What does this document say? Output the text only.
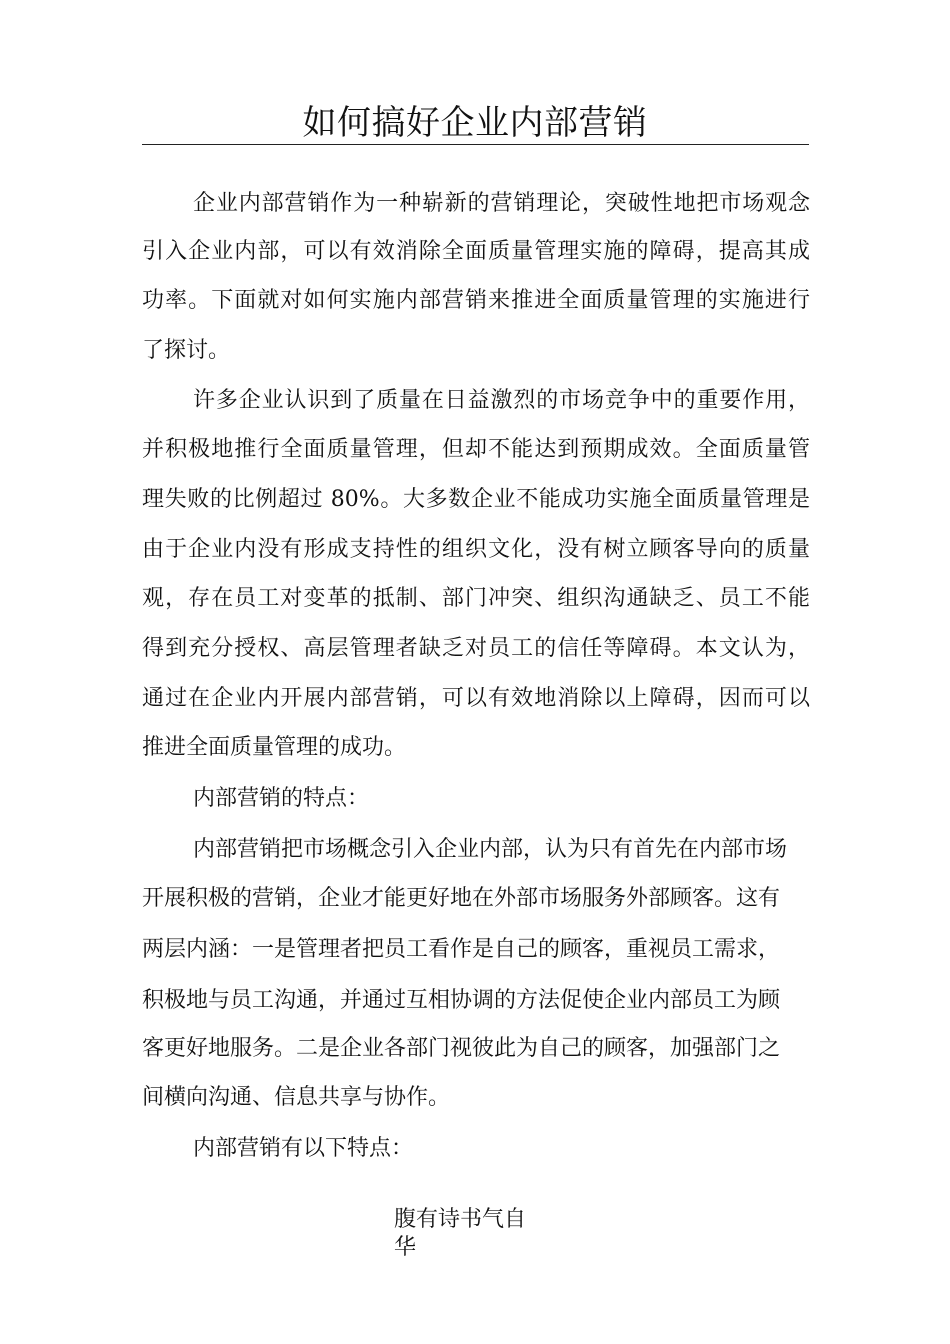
如何搞好企业内部营销
企业内部营销作为一种崭新的营销理论，突破性地把市场观念
引入企业内部，可以有效消除全面质量管理实施的障碍，提高其成
功率。下面就对如何实施内部营销来推进全面质量管理的实施进行
了探讨。
许多企业认识到了质量在日益激烈的市场竞争中的重要作用，
并积极地推行全面质量管理，但却不能达到预期成效。全面质量管
理失败的比例超过 80%。大多数企业不能成功实施全面质量管理是
由于企业内没有形成支持性的组织文化，没有树立顾客导向的质量
观，存在员工对变革的抵制、部门冲突、组织沟通缺乏、员工不能
得到充分授权、高层管理者缺乏对员工的信任等障碍。本文认为，
通过在企业内开展内部营销，可以有效地消除以上障碍，因而可以
推进全面质量管理的成功。
内部营销的特点：
内部营销把市场概念引入企业内部，认为只有首先在内部市场
开展积极的营销，企业才能更好地在外部市场服务外部顾客。这有
两层内涵：一是管理者把员工看作是自己的顾客，重视员工需求，
积极地与员工沟通，并通过互相协调的方法促使企业内部员工为顾
客更好地服务。二是企业各部门视彼此为自己的顾客，加强部门之
间横向沟通、信息共享与协作。
内部营销有以下特点：
腹有诗书气自
华
